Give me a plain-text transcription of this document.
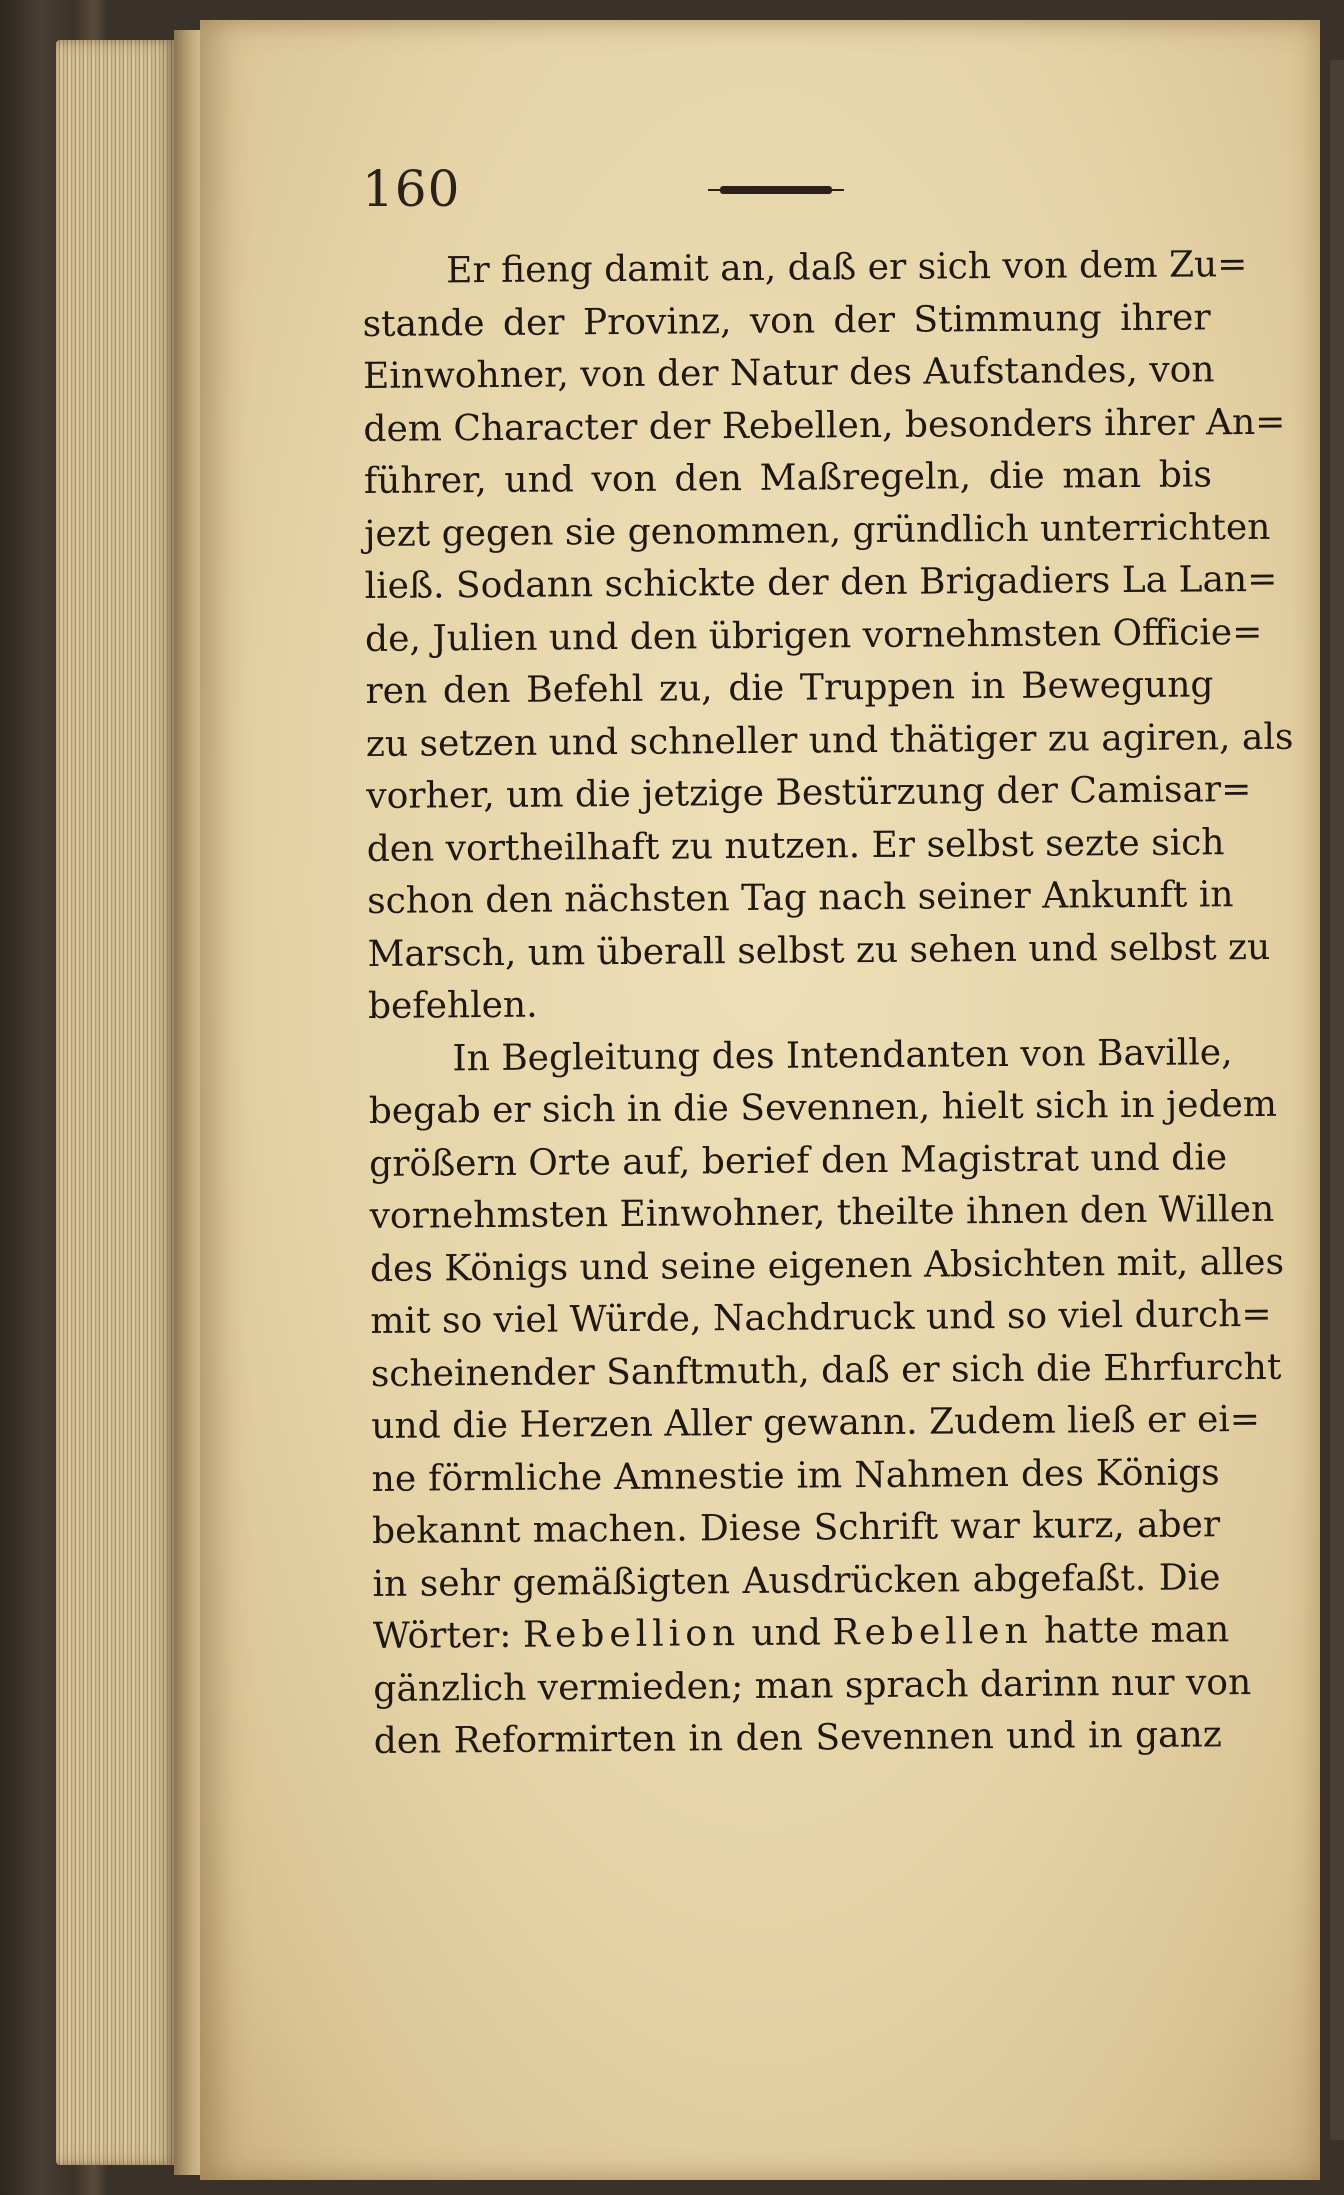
160

Er fieng damit an, daß er sich von dem Zu=
stande der Provinz, von der Stimmung ihrer
Einwohner, von der Natur des Aufstandes, von
dem Character der Rebellen, besonders ihrer An=
führer, und von den Maßregeln, die man bis
jezt gegen sie genommen, gründlich unterrichten
ließ. Sodann schickte der den Brigadiers La Lan=
de, Julien und den übrigen vornehmsten Officie=
ren den Befehl zu, die Truppen in Bewegung
zu setzen und schneller und thätiger zu agiren, als
vorher, um die jetzige Bestürzung der Camisar=
den vortheilhaft zu nutzen. Er selbst sezte sich
schon den nächsten Tag nach seiner Ankunft in
Marsch, um überall selbst zu sehen und selbst zu
befehlen.
In Begleitung des Intendanten von Baville,
begab er sich in die Sevennen, hielt sich in jedem
größern Orte auf, berief den Magistrat und die
vornehmsten Einwohner, theilte ihnen den Willen
des Königs und seine eigenen Absichten mit, alles
mit so viel Würde, Nachdruck und so viel durch=
scheinender Sanftmuth, daß er sich die Ehrfurcht
und die Herzen Aller gewann. Zudem ließ er ei=
ne förmliche Amnestie im Nahmen des Königs
bekannt machen. Diese Schrift war kurz, aber
in sehr gemäßigten Ausdrücken abgefaßt. Die
Wörter: Rebellion und Rebellen hatte man
gänzlich vermieden; man sprach darinn nur von
den Reformirten in den Sevennen und in ganz
